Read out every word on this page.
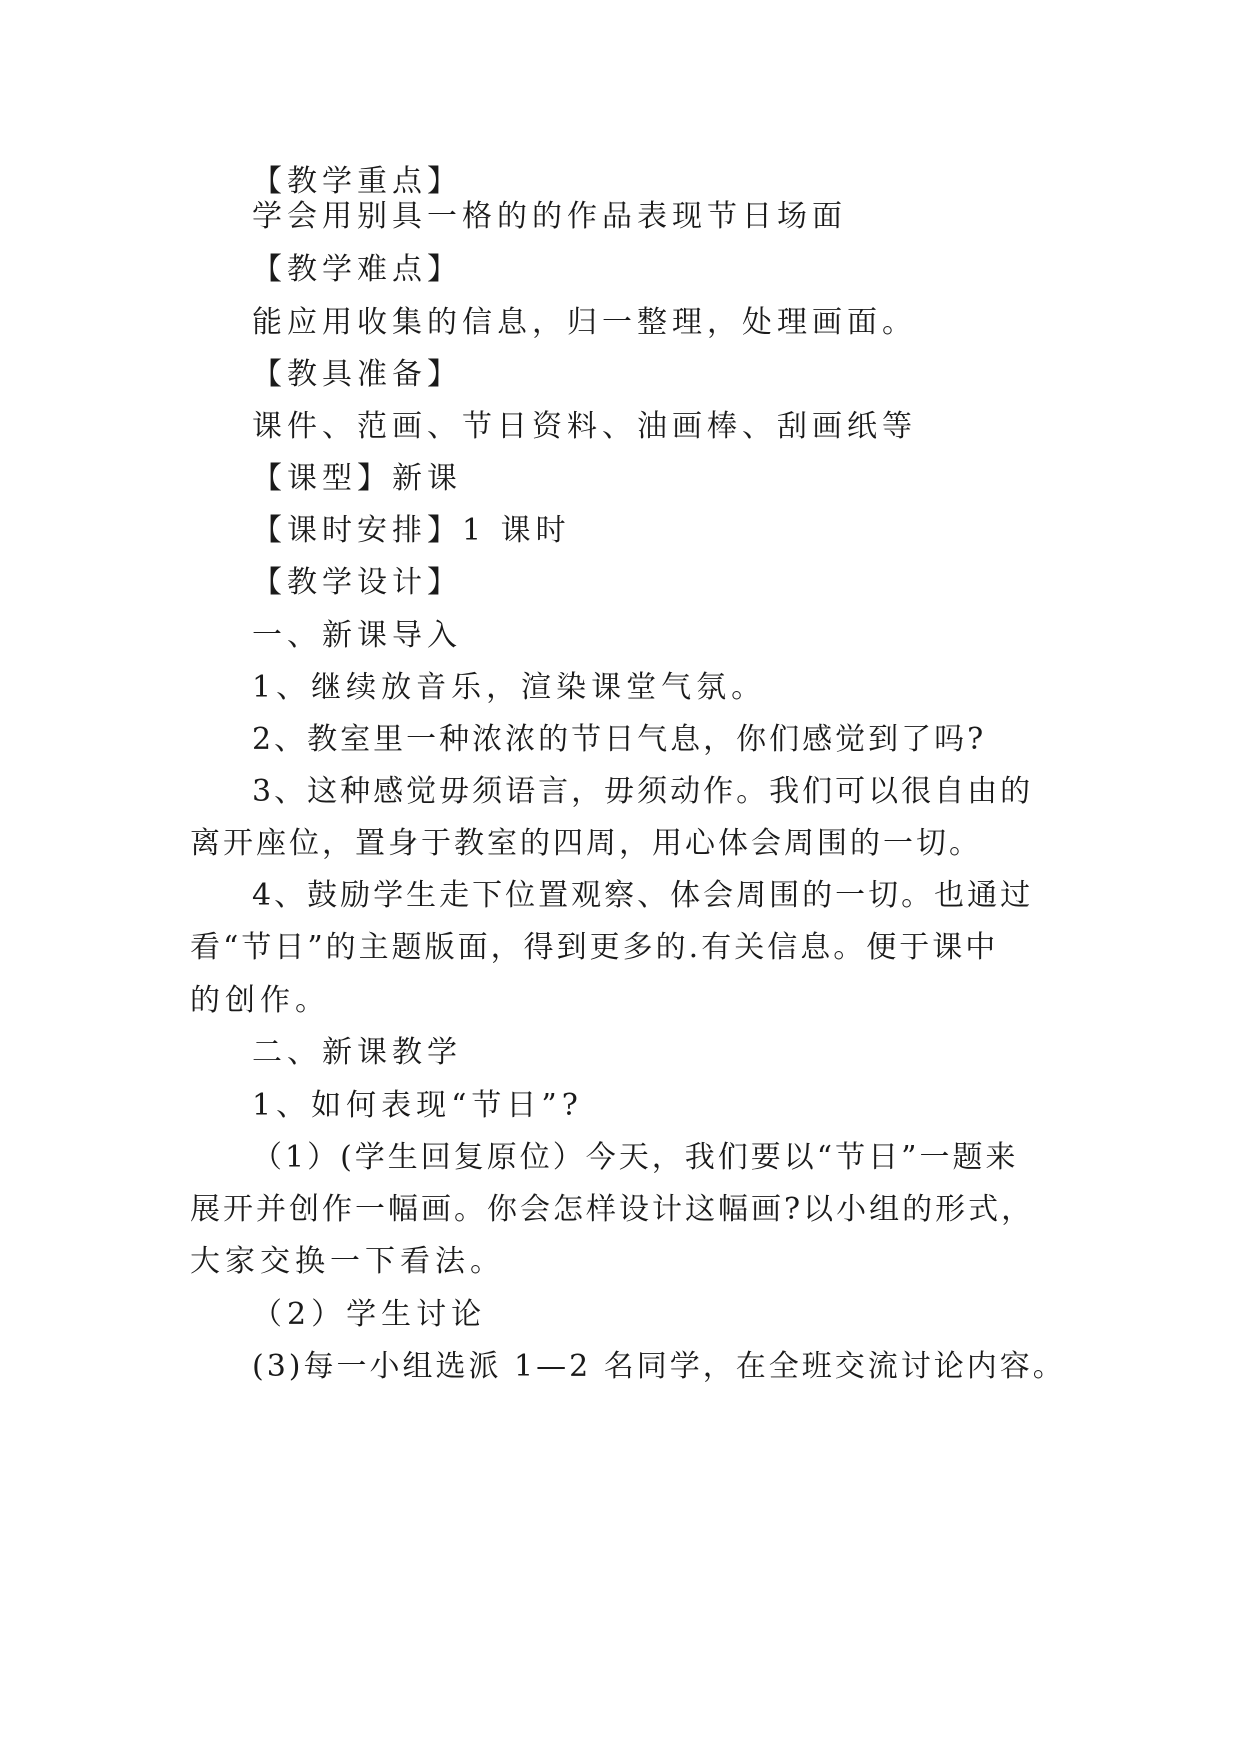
【教学重点】
学会用别具一格的的作品表现节日场面
【教学难点】
能应用收集的信息，归一整理，处理画面。
【教具准备】
课件、范画、节日资料、油画棒、刮画纸等
【课型】新课
【课时安排】1 课时
【教学设计】
一、新课导入
1、继续放音乐，渲染课堂气氛。
2、教室里一种浓浓的节日气息，你们感觉到了吗?
3、这种感觉毋须语言，毋须动作。我们可以很自由的
离开座位，置身于教室的四周，用心体会周围的一切。
4、鼓励学生走下位置观察、体会周围的一切。也通过
看“节日”的主题版面，得到更多的.有关信息。便于课中
的创作。
二、新课教学
1、如何表现“节日”?
（1）(学生回复原位）今天，我们要以“节日”一题来
展开并创作一幅画。你会怎样设计这幅画?以小组的形式，
大家交换一下看法。
（2）学生讨论
(3)每一小组选派 1—2 名同学，在全班交流讨论内容。
